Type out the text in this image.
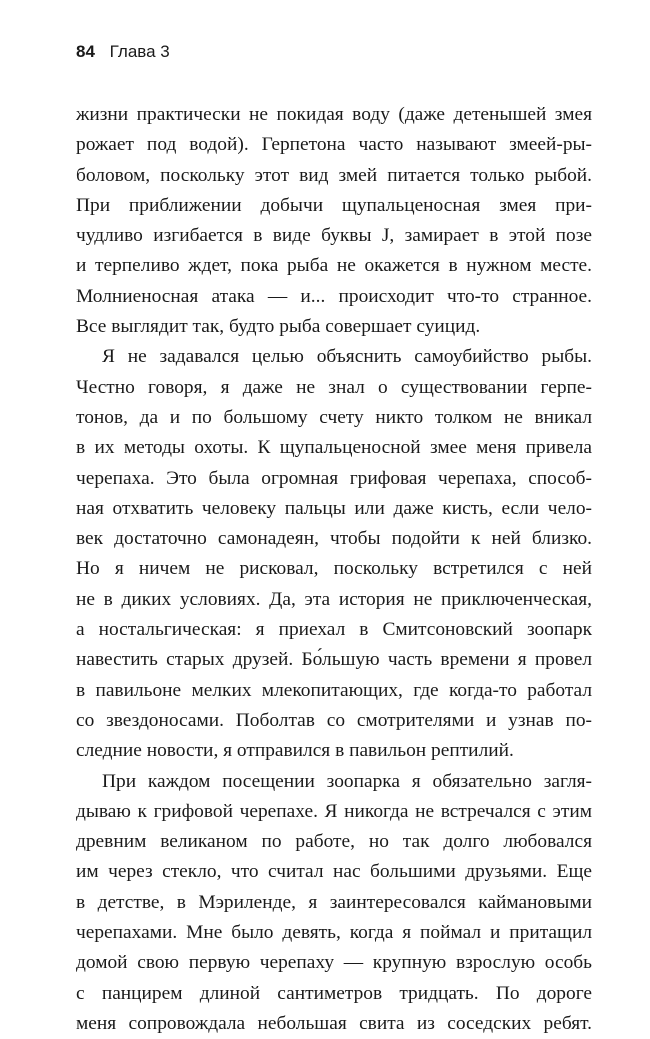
84 Глава 3
жизни практически не покидая воду (даже детенышей змея
рожает под водой). Герпетона часто называют змеей-ры-
боловом, поскольку этот вид змей питается только рыбой.
При приближении добычи щупальценосная змея при-
чудливо изгибается в виде буквы J, замирает в этой позе
и терпеливо ждет, пока рыба не окажется в нужном месте.
Молниеносная атака — и... происходит что-то странное.
Все выглядит так, будто рыба совершает суицид.
Я не задавался целью объяснить самоубийство рыбы.
Честно говоря, я даже не знал о существовании герпе-
тонов, да и по большому счету никто толком не вникал
в их методы охоты. К щупальценосной змее меня привела
черепаха. Это была огромная грифовая черепаха, способ-
ная отхватить человеку пальцы или даже кисть, если чело-
век достаточно самонадеян, чтобы подойти к ней близко.
Но я ничем не рисковал, поскольку встретился с ней
не в диких условиях. Да, эта история не приключенческая,
а ностальгическая: я приехал в Смитсоновский зоопарк
навестить старых друзей. Бо́льшую часть времени я провел
в павильоне мелких млекопитающих, где когда-то работал
со звездоносами. Поболтав со смотрителями и узнав по-
следние новости, я отправился в павильон рептилий.
При каждом посещении зоопарка я обязательно загля-
дываю к грифовой черепахе. Я никогда не встречался с этим
древним великаном по работе, но так долго любовался
им через стекло, что считал нас большими друзьями. Еще
в детстве, в Мэриленде, я заинтересовался каймановыми
черепахами. Мне было девять, когда я поймал и притащил
домой свою первую черепаху — крупную взрослую особь
с панцирем длиной сантиметров тридцать. По дороге
меня сопровождала небольшая свита из соседских ребят.
